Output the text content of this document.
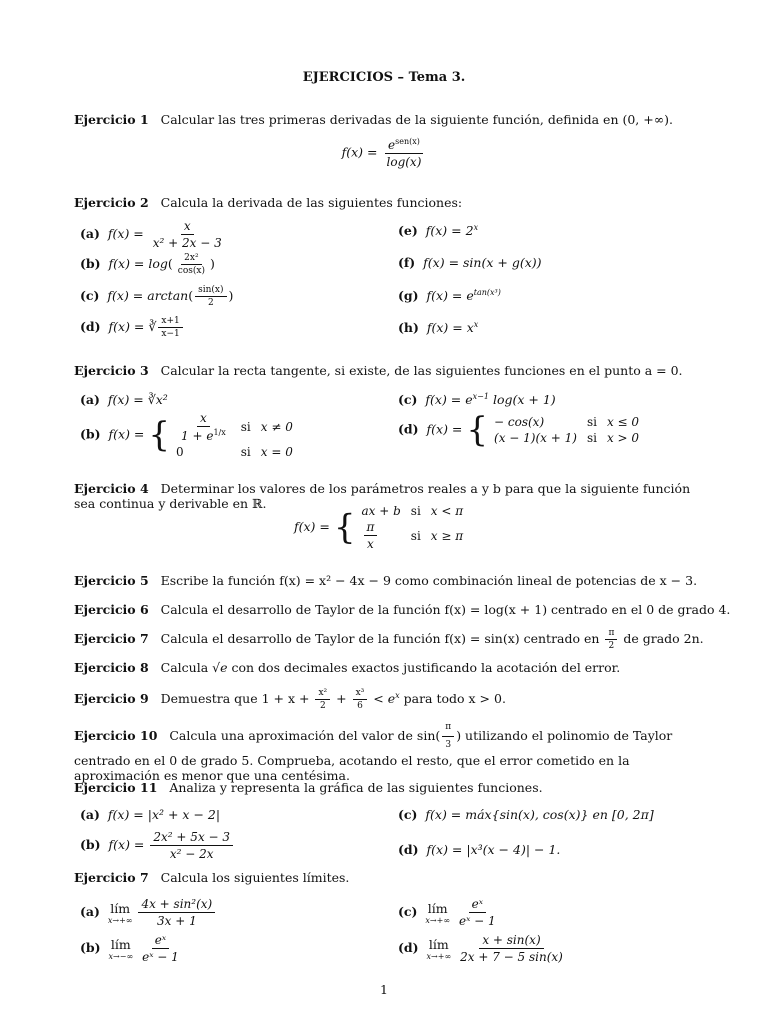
EJERCICIOS – Tema 3.
Ejercicio 1 Calcular las tres primeras derivadas de la siguiente función, definida en (0, +∞).
$f(x) = \frac{e^{sen(x)}}{\log(x)}$
Ejercicio 2 Calcula la derivada de las siguientes funciones:
(a) $f(x) = \frac{x}{\text{x² + 2x − 3}}$
(b) $f(x) = \log( \frac{\text{2x²}}{\cos(x)}$ )
(c) $f(x) = \arctan( \frac{\sin(x)}{2}$ )
(d) f(x) = ∛ $\frac{x+1}{x-1}$
(e) $f(x) = 2^x$
(f) f(x) = sin(x + g(x))
(g) $f(x) = e^{tan(x^3)}$
(h) $f(x) = x^x$
Ejercicio 3 Calcular la recta tangente, si existe, de las siguientes funciones en el punto a = 0.
(a) f(x) = ∛x²
(b) f(x) = { $\frac{x}{1 + e^{1/x}}$	si	x ≠ 0
0	si	x = 0
(c) $f(x) = e^{x-1}$ log(x + 1)
(d) f(x) = { − cos(x)	si	x ≤ 0
(x − 1)(x + 1)	si	x > 0
Ejercicio 4 Determinar los valores de los parámetros reales a y b para que la siguiente función sea continua y derivable en ℝ.
f(x) = { ax + b	si	x < π

$\frac{\pi}{x}$	si	x ≥ π
Ejercicio 5 Escribe la función f(x) = x² − 4x − 9 como combinación lineal de potencias de x − 3.
Ejercicio 6 Calcula el desarrollo de Taylor de la función f(x) = log(x + 1) centrado en el 0 de grado 4.
Ejercicio 7 Calcula el desarrollo de Taylor de la función f(x) = sin(x) centrado en $\frac{\pi}{2}$ de grado 2n.
Ejercicio 8 Calcula √e con dos decimales exactos justificando la acotación del error.
Ejercicio 9 Demuestra que $1 + x + \frac{\text{x²}}{2} + \frac{\text{x³}}{6} < e^x$ para todo x > 0.
Ejercicio 10 Calcula una aproximación del valor de $\sin( \frac{\pi}{3}$ ) utilizando el polinomio de Taylor centrado en el 0 de grado 5. Comprueba, acotando el resto, que el error cometido en la aproximación es menor que una centésima.
Ejercicio 11 Analiza y representa la gráfica de las siguientes funciones.
(a) f(x) = |x² + x − 2|
(b) $f(x) = \frac{\text{2x² + 5x − 3}}{\text{x² − 2x}}$
(c) f(x) = máx{sin(x), cos(x)} en [0, 2π]
(d) f(x) = |x³(x − 4)| − 1.
Ejercicio 7 Calcula los siguientes límites.
(a) lím
x→+∞
$\frac{\text{4x + sin²(x)}}{3x + 1}$
(b) lím
x→−∞
$\frac{\text{eˣ}}{\text{eˣ − 1}}$
(c) lím
x→+∞
$\frac{\text{eˣ}}{\text{eˣ − 1}}$
(d) lím
x→+∞
$\frac{x + \sin(x)}{2x + 7 - 5 \sin(x)}$
1
